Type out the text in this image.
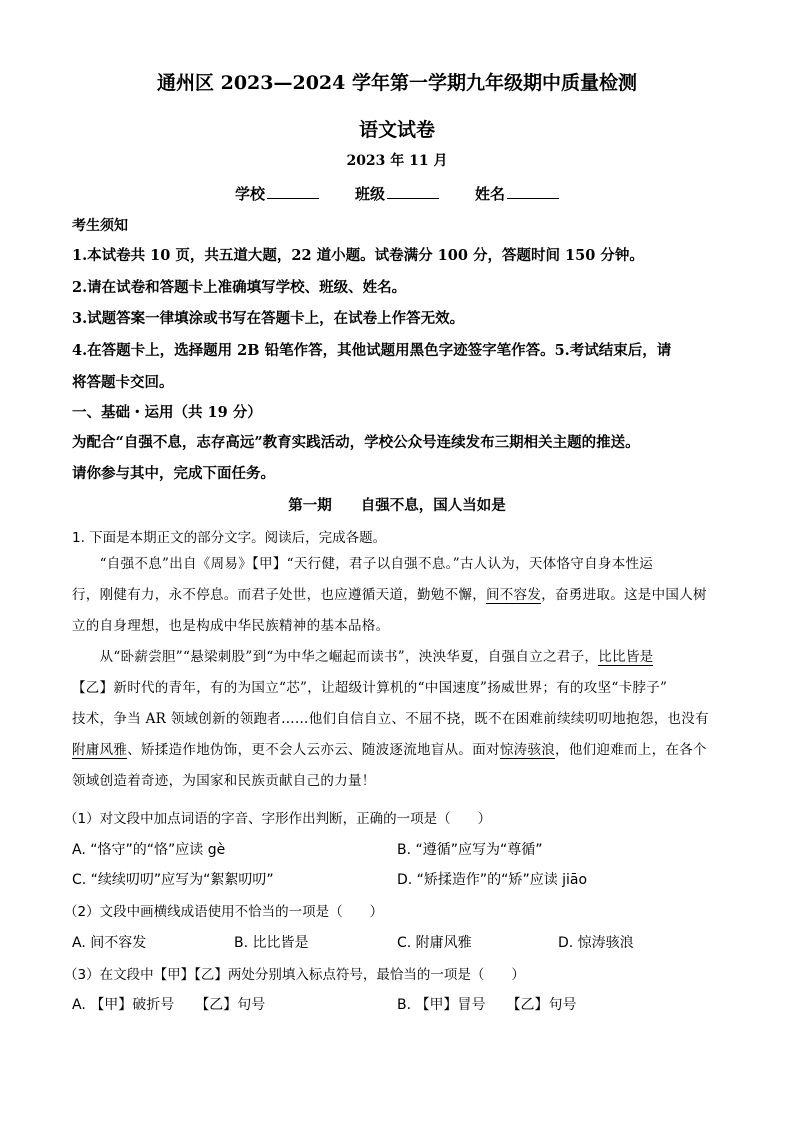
通州区 2023—2024 学年第一学期九年级期中质量检测
语文试卷
2023 年 11 月
学校	班级	姓名
考生须知
1.本试卷共 10 页，共五道大题，22 道小题。试卷满分 100 分，答题时间 150 分钟。
2.请在试卷和答题卡上准确填写学校、班级、姓名。
3.试题答案一律填涂或书写在答题卡上，在试卷上作答无效。
4.在答题卡上，选择题用 2B 铅笔作答，其他试题用黑色字迹签字笔作答。5.考试结束后，请
将答题卡交回。
一、基础・运用（共 19 分）
为配合“自强不息，志存高远”教育实践活动，学校公众号连续发布三期相关主题的推送。
请你参与其中，完成下面任务。
第一期　　自强不息，国人当如是
1. 下面是本期正文的部分文字。阅读后，完成各题。

　　“自强不息”出自《周易》【甲】“天行健，君子以自强不息。”古人认为，天体恪守自身本性运

行，刚健有力，永不停息。而君子处世，也应遵循天道，勤勉不懈，间不容发，奋勇进取。这是中国人树

立的自身理想，也是构成中华民族精神的基本品格。

　　从“卧薪尝胆”“悬梁刺股”到“为中华之崛起而读书”，泱泱华夏，自强自立之君子，比比皆是

【乙】新时代的青年，有的为国立“芯”，让超级计算机的“中国速度”扬威世界；有的攻坚“卡脖子”

技术，争当 AR 领域创新的领跑者……他们自信自立、不屈不挠，既不在困难前续续叨叨地抱怨，也没有

附庸风雅、矫揉造作地伪饰，更不会人云亦云、随波逐流地盲从。面对惊涛骇浪，他们迎难而上，在各个

领域创造着奇迹，为国家和民族贡献自己的力量！

（1）对文段中加点词语的字音、字形作出判断，正确的一项是（　　）
A. “恪守”的“恪”应读 gè	B. “遵循”应写为“尊循”
C. “续续叨叨”应写为“絮絮叨叨”	D. “矫揉造作”的“矫”应读 jiāo
（2）文段中画横线成语使用不恰当的一项是（　　）
A. 间不容发	B. 比比皆是	C. 附庸风雅	D. 惊涛骇浪
（3）在文段中【甲】【乙】两处分别填入标点符号，最恰当的一项是（　　）
A. 【甲】破折号　　【乙】句号	B. 【甲】冒号　　【乙】句号
